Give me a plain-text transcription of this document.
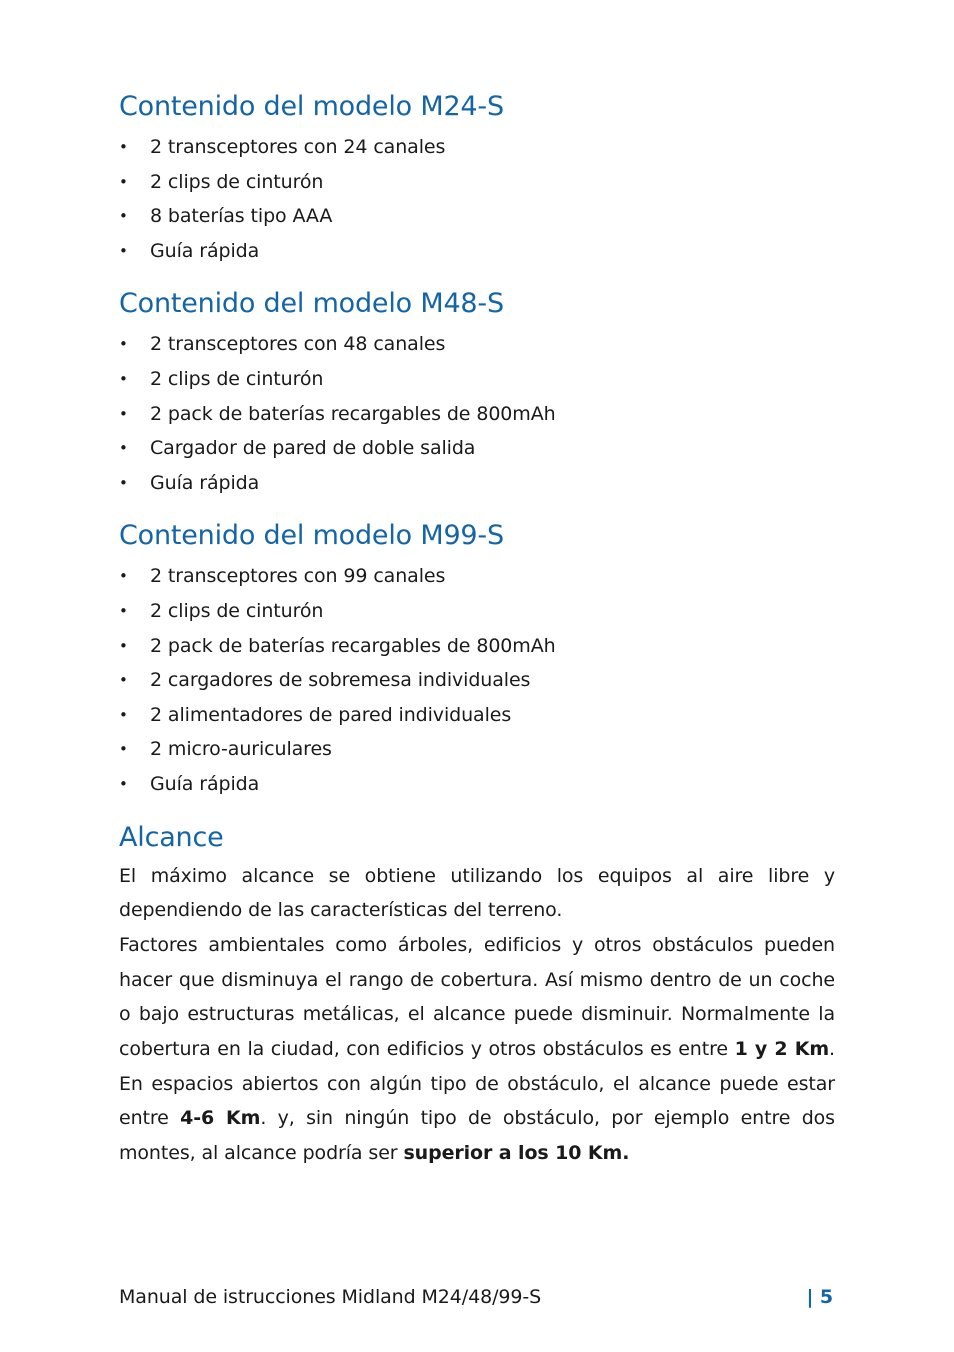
Contenido del modelo M24-S
• 2 transceptores con 24 canales
• 2 clips de cinturón
• 8 baterías tipo AAA
• Guía rápida
Contenido del modelo M48-S
• 2 transceptores con 48 canales
• 2 clips de cinturón
• 2 pack de baterías recargables de 800mAh
• Cargador de pared de doble salida
• Guía rápida
Contenido del modelo M99-S
• 2 transceptores con 99 canales
• 2 clips de cinturón
• 2 pack de baterías recargables de 800mAh
• 2 cargadores de sobremesa individuales
• 2 alimentadores de pared individuales
• 2 micro-auriculares
• Guía rápida
Alcance

El máximo alcance se obtiene utilizando los equipos al aire libre y dependiendo de las características del terreno.

Factores ambientales como árboles, edificios y otros obstáculos pueden hacer que disminuya el rango de cobertura. Así mismo dentro de un coche o bajo estructuras metálicas, el alcance puede disminuir. Normalmente la cobertura en la ciudad, con edificios y otros obstáculos es entre 1 y 2 Km. En espacios abiertos con algún tipo de obstáculo, el alcance puede estar entre 4-6 Km. y, sin ningún tipo de obstáculo, por ejemplo entre dos montes, al alcance podría ser superior a los 10 Km.

Manual de istrucciones Midland M24/48/99-S	| 5
